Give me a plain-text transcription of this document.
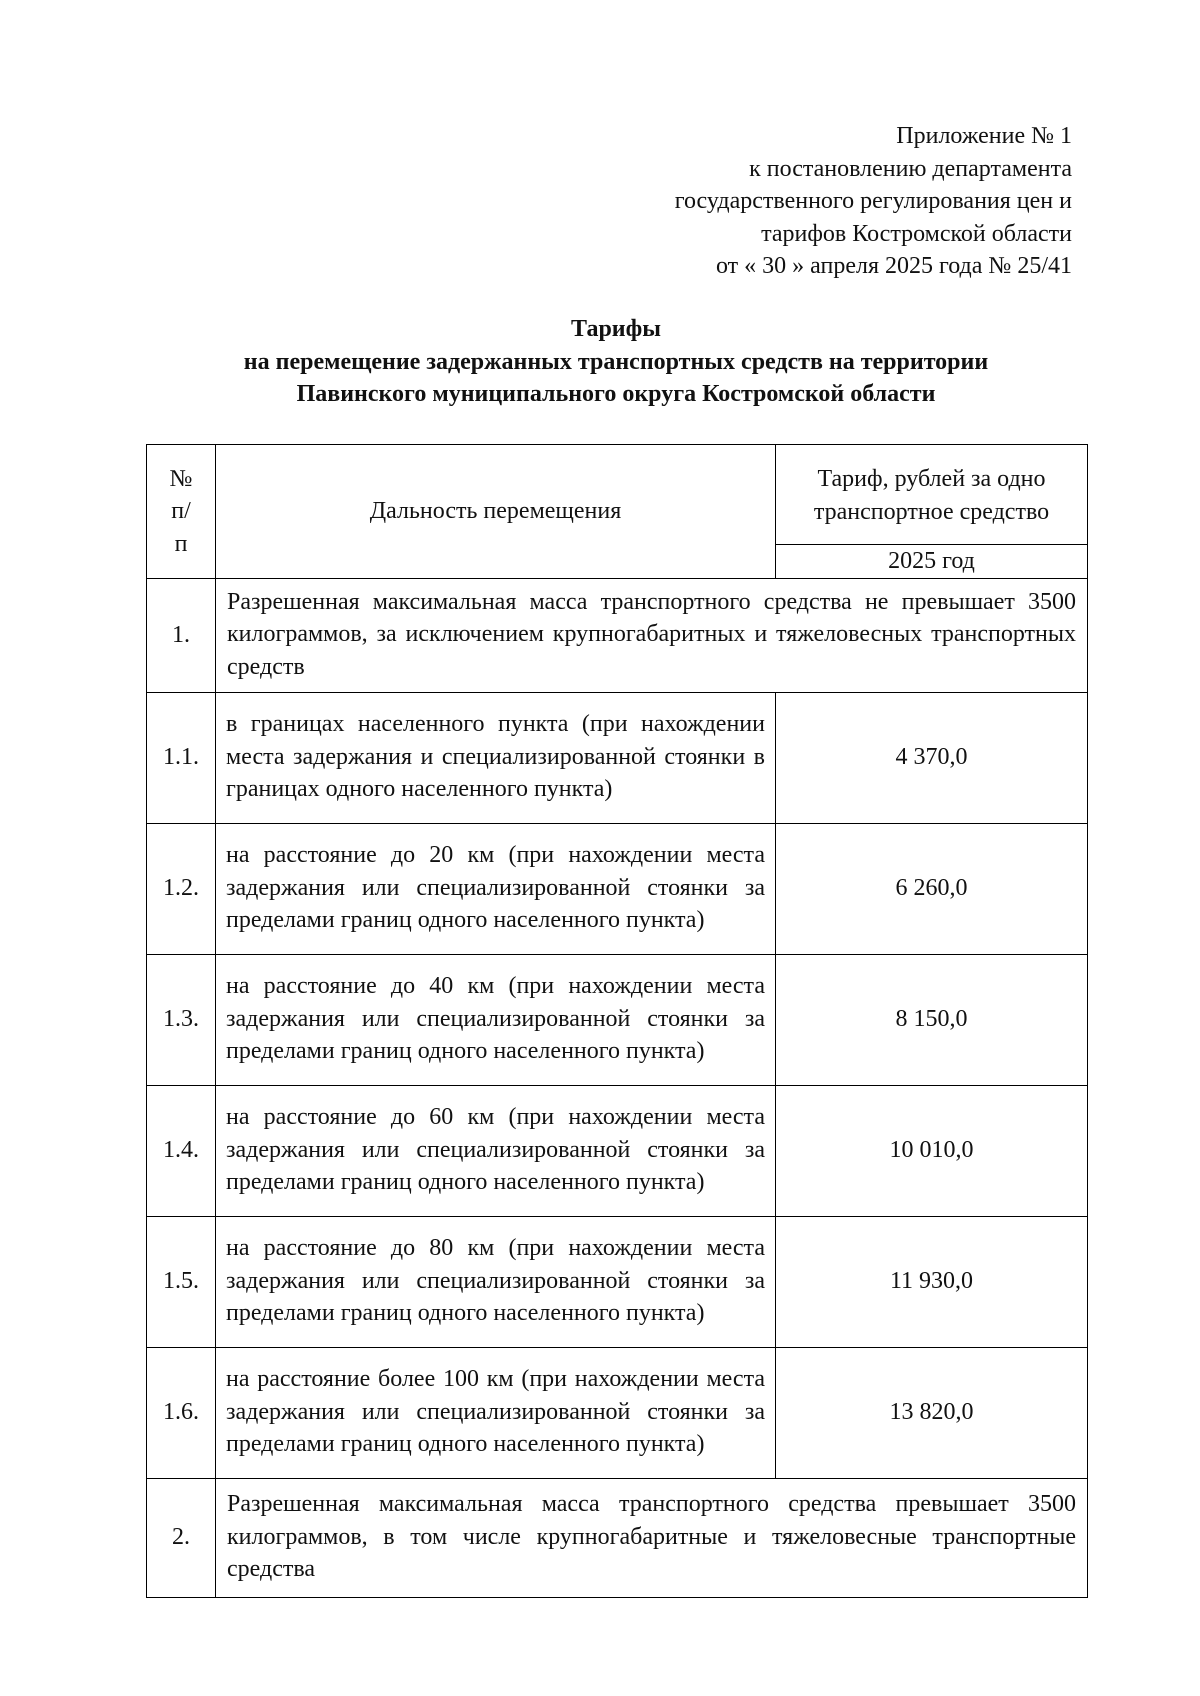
Приложение № 1
к постановлению департамента
государственного регулирования цен и
тарифов Костромской области
от « 30 » апреля 2025 года № 25/41
Тарифы
на перемещение задержанных транспортных средств на территории
Павинского муниципального округа Костромской области
№ п/п	Дальность перемещения	Тариф, рублей за одно транспортное средство
		2025 год
1.	Разрешенная максимальная масса транспортного средства не превышает 3500 килограммов, за исключением крупногабаритных и тяжеловесных транспортных средств	
1.1.	в границах населенного пункта (при нахождении места задержания и специализированной стоянки в границах одного населенного пункта)	4 370,0
1.2.	на расстояние до 20 км (при нахождении места задержания или специализированной стоянки за пределами границ одного населенного пункта)	6 260,0
1.3.	на расстояние до 40 км (при нахождении места задержания или специализированной стоянки за пределами границ одного населенного пункта)	8 150,0
1.4.	на расстояние до 60 км (при нахождении места задержания или специализированной стоянки за пределами границ одного населенного пункта)	10 010,0
1.5.	на расстояние до 80 км (при нахождении места задержания или специализированной стоянки за пределами границ одного населенного пункта)	11 930,0
1.6.	на расстояние более 100 км (при нахождении места задержания или специализированной стоянки за пределами границ одного населенного пункта)	13 820,0
2.	Разрешенная максимальная масса транспортного средства превышает 3500 килограммов, в том числе крупногабаритные и тяжеловесные транспортные средства	
